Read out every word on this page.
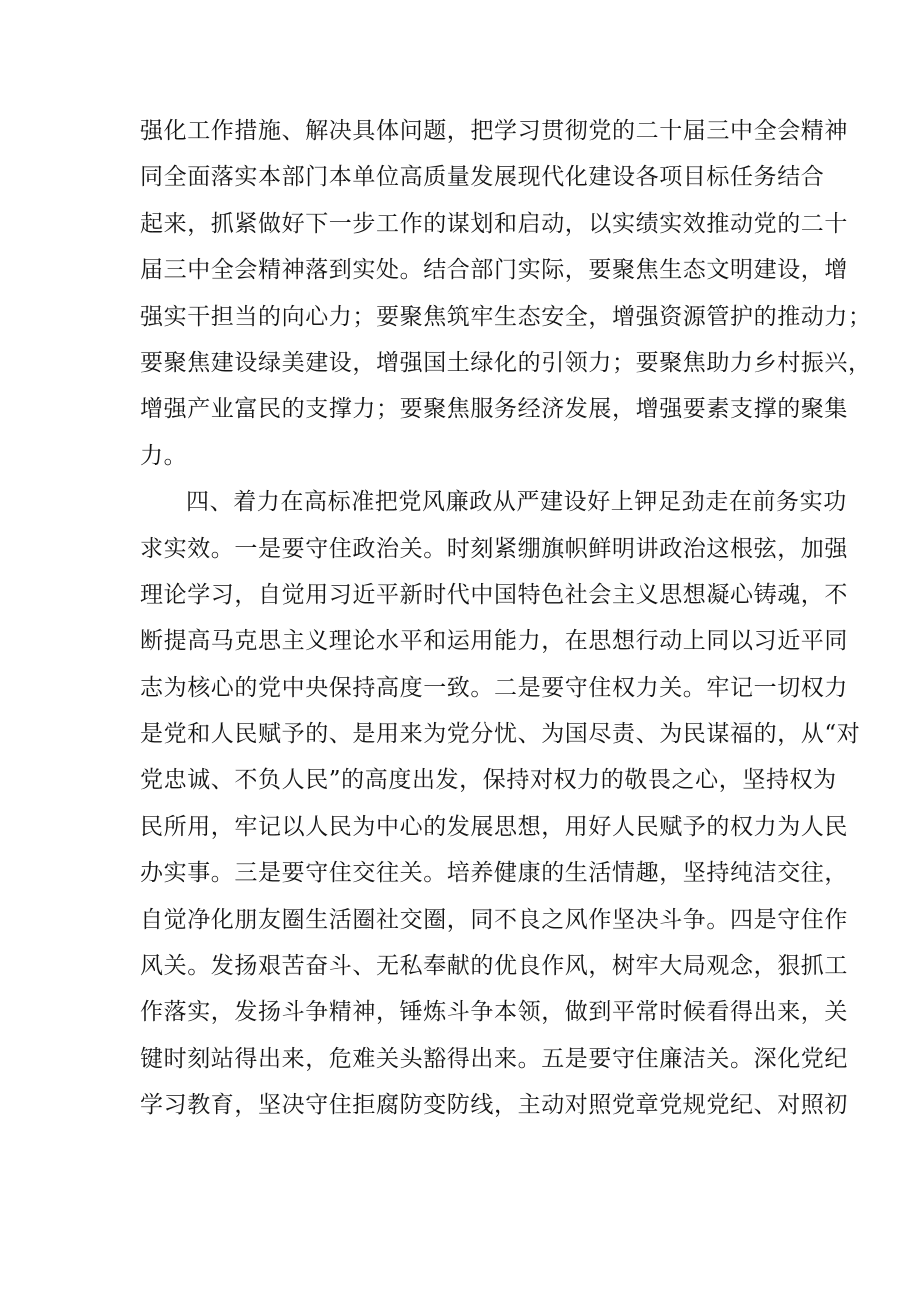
强化工作措施、解决具体问题，把学习贯彻党的二十届三中全会精神
同全面落实本部门本单位高质量发展现代化建设各项目标任务结合
起来，抓紧做好下一步工作的谋划和启动，以实绩实效推动党的二十
届三中全会精神落到实处。结合部门实际，要聚焦生态文明建设，增
强实干担当的向心力；要聚焦筑牢生态安全，增强资源管护的推动力；
要聚焦建设绿美建设，增强国土绿化的引领力；要聚焦助力乡村振兴，
增强产业富民的支撑力；要聚焦服务经济发展，增强要素支撑的聚集
力。
四、着力在高标准把党风廉政从严建设好上钾足劲走在前务实功
求实效。一是要守住政治关。时刻紧绷旗帜鲜明讲政治这根弦，加强
理论学习，自觉用习近平新时代中国特色社会主义思想凝心铸魂，不
断提高马克思主义理论水平和运用能力，在思想行动上同以习近平同
志为核心的党中央保持高度一致。二是要守住权力关。牢记一切权力
是党和人民赋予的、是用来为党分忧、为国尽责、为民谋福的，从“对
党忠诚、不负人民”的高度出发，保持对权力的敬畏之心，坚持权为
民所用，牢记以人民为中心的发展思想，用好人民赋予的权力为人民
办实事。三是要守住交往关。培养健康的生活情趣，坚持纯洁交往，
自觉净化朋友圈生活圈社交圈，同不良之风作坚决斗争。四是守住作
风关。发扬艰苦奋斗、无私奉献的优良作风，树牢大局观念，狠抓工
作落实，发扬斗争精神，锤炼斗争本领，做到平常时候看得出来，关
键时刻站得出来，危难关头豁得出来。五是要守住廉洁关。深化党纪
学习教育，坚决守住拒腐防变防线，主动对照党章党规党纪、对照初
